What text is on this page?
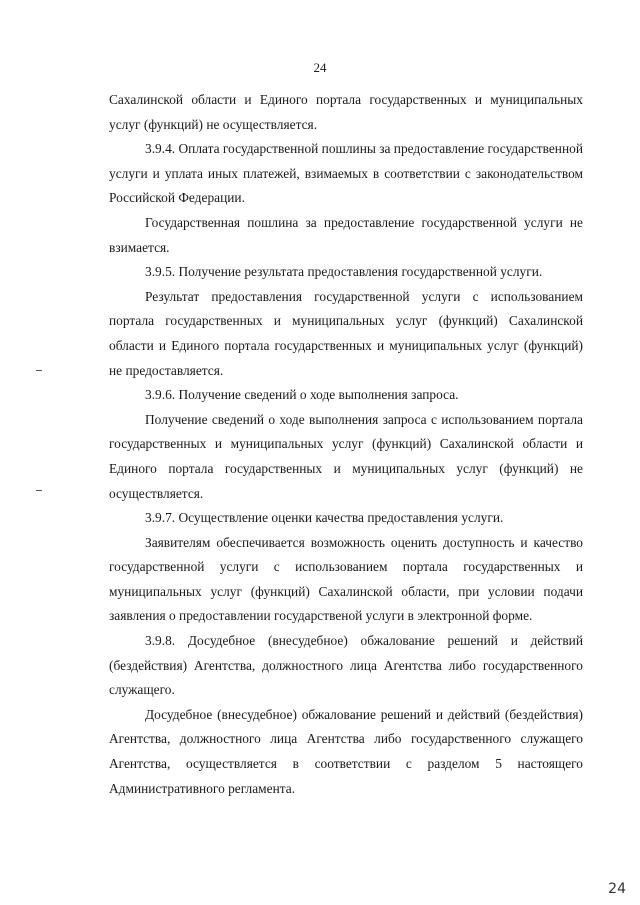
24

Сахалинской области и Единого портала государственных и муниципальных услуг (функций) не осуществляется.

3.9.4. Оплата государственной пошлины за предоставление государственной услуги и уплата иных платежей, взимаемых в соответствии с законодательством Российской Федерации.

Государственная пошлина за предоставление государственной услуги не взимается.

3.9.5. Получение результата предоставления государственной услуги.

Результат предоставления государственной услуги с использованием портала государственных и муниципальных услуг (функций) Сахалинской области и Единого портала государственных и муниципальных услуг (функций) не предоставляется.

3.9.6. Получение сведений о ходе выполнения запроса.

Получение сведений о ходе выполнения запроса с использованием портала государственных и муниципальных услуг (функций) Сахалинской области и Единого портала государственных и муниципальных услуг (функций) не осуществляется.

3.9.7. Осуществление оценки качества предоставления услуги.

Заявителям обеспечивается возможность оценить доступность и качество государственной услуги с использованием портала государственных и муниципальных услуг (функций) Сахалинской области, при условии подачи заявления о предоставлении государственой услуги в электронной форме.

3.9.8. Досудебное (внесудебное) обжалование решений и действий (бездействия) Агентства, должностного лица Агентства либо государственного служащего.

Досудебное (внесудебное) обжалование решений и действий (бездействия) Агентства, должностного лица Агентства либо государственного служащего Агентства, осуществляется в соответствии с разделом 5 настоящего Административного регламента.

24
